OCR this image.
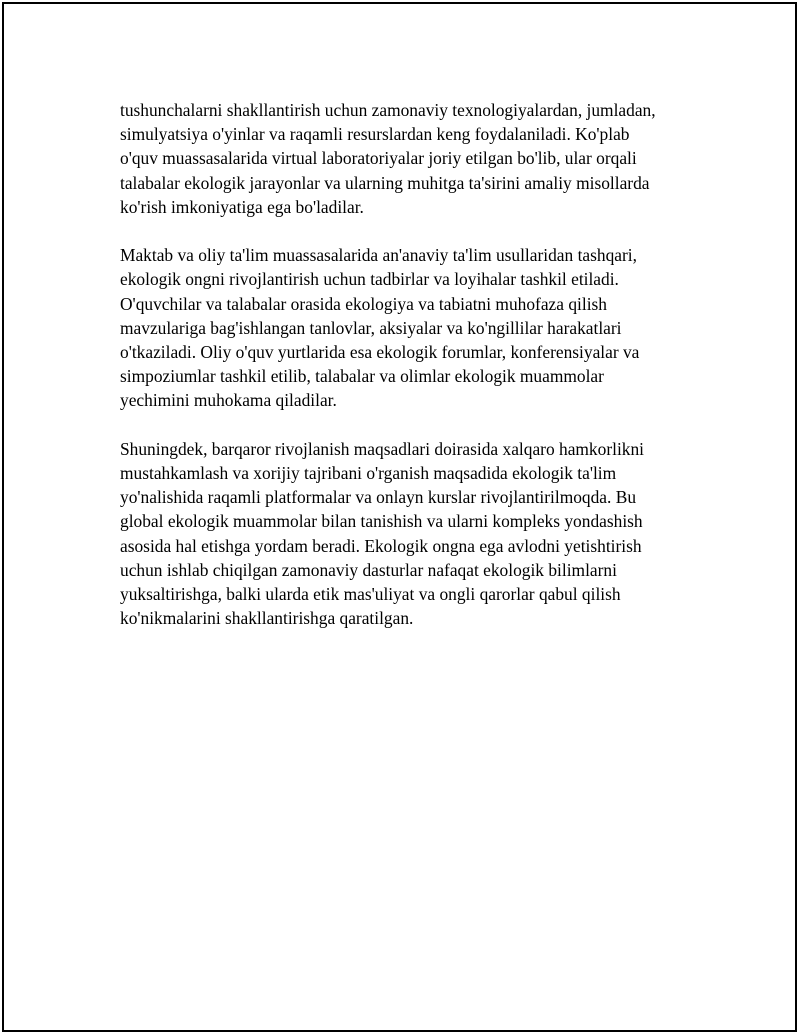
tushunchalarni shakllantirish uchun zamonaviy texnologiyalardan, jumladan,
simulyatsiya o'yinlar va raqamli resurslardan keng foydalaniladi. Ko'plab
o'quv muassasalarida virtual laboratoriyalar joriy etilgan bo'lib, ular orqali
talabalar ekologik jarayonlar va ularning muhitga ta'sirini amaliy misollarda
ko'rish imkoniyatiga ega bo'ladilar.

Maktab va oliy ta'lim muassasalarida an'anaviy ta'lim usullaridan tashqari,
ekologik ongni rivojlantirish uchun tadbirlar va loyihalar tashkil etiladi.
O'quvchilar va talabalar orasida ekologiya va tabiatni muhofaza qilish
mavzulariga bag'ishlangan tanlovlar, aksiyalar va ko'ngillilar harakatlari
o'tkaziladi. Oliy o'quv yurtlarida esa ekologik forumlar, konferensiyalar va
simpoziumlar tashkil etilib, talabalar va olimlar ekologik muammolar
yechimini muhokama qiladilar.

Shuningdek, barqaror rivojlanish maqsadlari doirasida xalqaro hamkorlikni
mustahkamlash va xorijiy tajribani o'rganish maqsadida ekologik ta'lim
yo'nalishida raqamli platformalar va onlayn kurslar rivojlantirilmoqda. Bu
global ekologik muammolar bilan tanishish va ularni kompleks yondashish
asosida hal etishga yordam beradi. Ekologik ongna ega avlodni yetishtirish
uchun ishlab chiqilgan zamonaviy dasturlar nafaqat ekologik bilimlarni
yuksaltirishga, balki ularda etik mas'uliyat va ongli qarorlar qabul qilish
ko'nikmalarini shakllantirishga qaratilgan.
